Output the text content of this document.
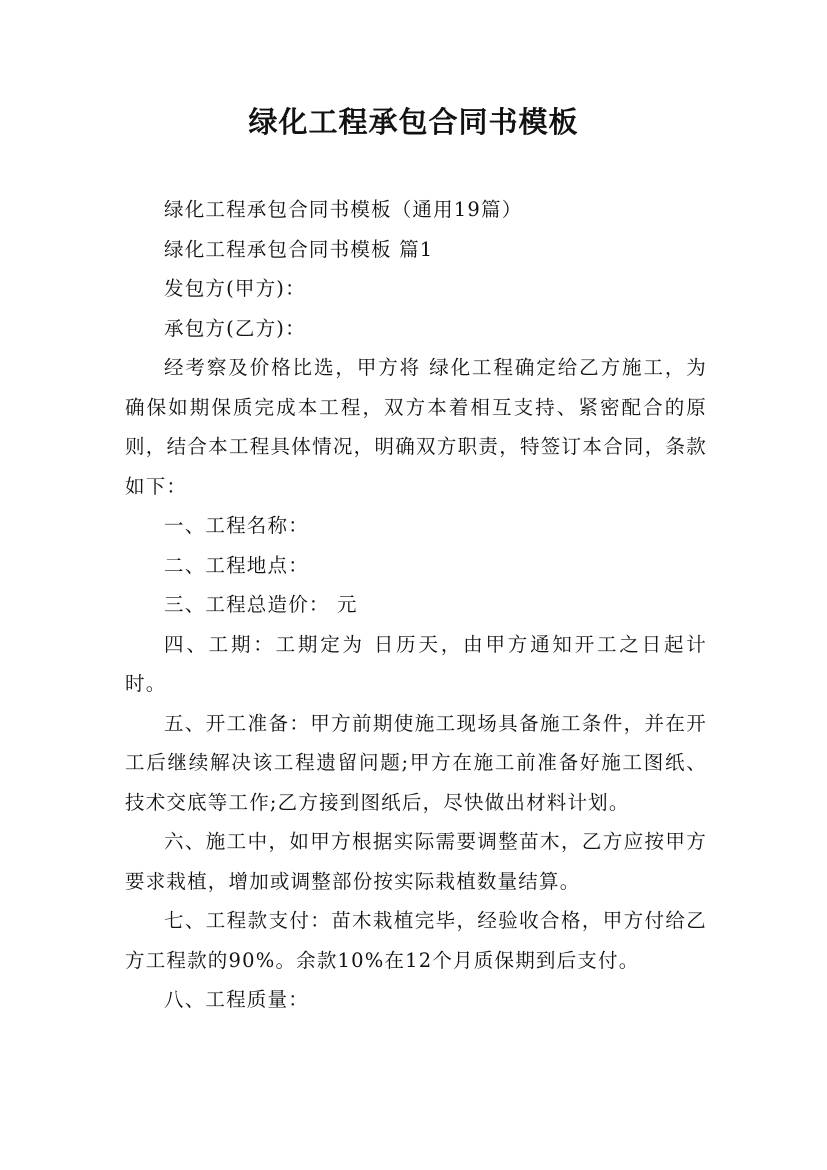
绿化工程承包合同书模板

绿化工程承包合同书模板（通用19篇）

绿化工程承包合同书模板 篇1

发包方(甲方)：

承包方(乙方)：

经考察及价格比选，甲方将 绿化工程确定给乙方施工，为确保如期保质完成本工程，双方本着相互支持、紧密配合的原则，结合本工程具体情况，明确双方职责，特签订本合同，条款如下：

一、工程名称：

二、工程地点：

三、工程总造价： 元

四、工期：工期定为 日历天，由甲方通知开工之日起计时。

五、开工准备：甲方前期使施工现场具备施工条件，并在开工后继续解决该工程遗留问题;甲方在施工前准备好施工图纸、技术交底等工作;乙方接到图纸后，尽快做出材料计划。

六、施工中，如甲方根据实际需要调整苗木，乙方应按甲方要求栽植，增加或调整部份按实际栽植数量结算。

七、工程款支付：苗木栽植完毕，经验收合格，甲方付给乙方工程款的90%。余款10%在12个月质保期到后支付。

八、工程质量：
